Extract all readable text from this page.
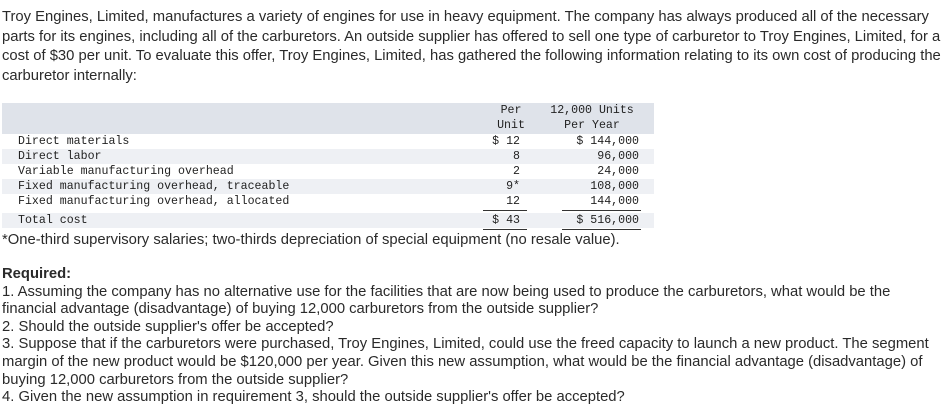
Troy Engines, Limited, manufactures a variety of engines for use in heavy equipment. The company has always produced all of the necessary parts for its engines, including all of the carburetors. An outside supplier has offered to sell one type of carburetor to Troy Engines, Limited, for a cost of $30 per unit. To evaluate this offer, Troy Engines, Limited, has gathered the following information relating to its own cost of producing the carburetor internally:
Per
Unit
12,000 Units
Per Year
Direct materials	$ 12	$ 144,000
Direct labor	8	96,000
Variable manufacturing overhead	2	24,000
Fixed manufacturing overhead, traceable	9*	108,000
Fixed manufacturing overhead, allocated	12	144,000
Total cost	$ 43	$ 516,000
*One-third supervisory salaries; two-thirds depreciation of special equipment (no resale value).

Required:

1. Assuming the company has no alternative use for the facilities that are now being used to produce the carburetors, what would be the financial advantage (disadvantage) of buying 12,000 carburetors from the outside supplier?

2. Should the outside supplier's offer be accepted?

3. Suppose that if the carburetors were purchased, Troy Engines, Limited, could use the freed capacity to launch a new product. The segment margin of the new product would be $120,000 per year. Given this new assumption, what would be the financial advantage (disadvantage) of buying 12,000 carburetors from the outside supplier?

4. Given the new assumption in requirement 3, should the outside supplier's offer be accepted?
